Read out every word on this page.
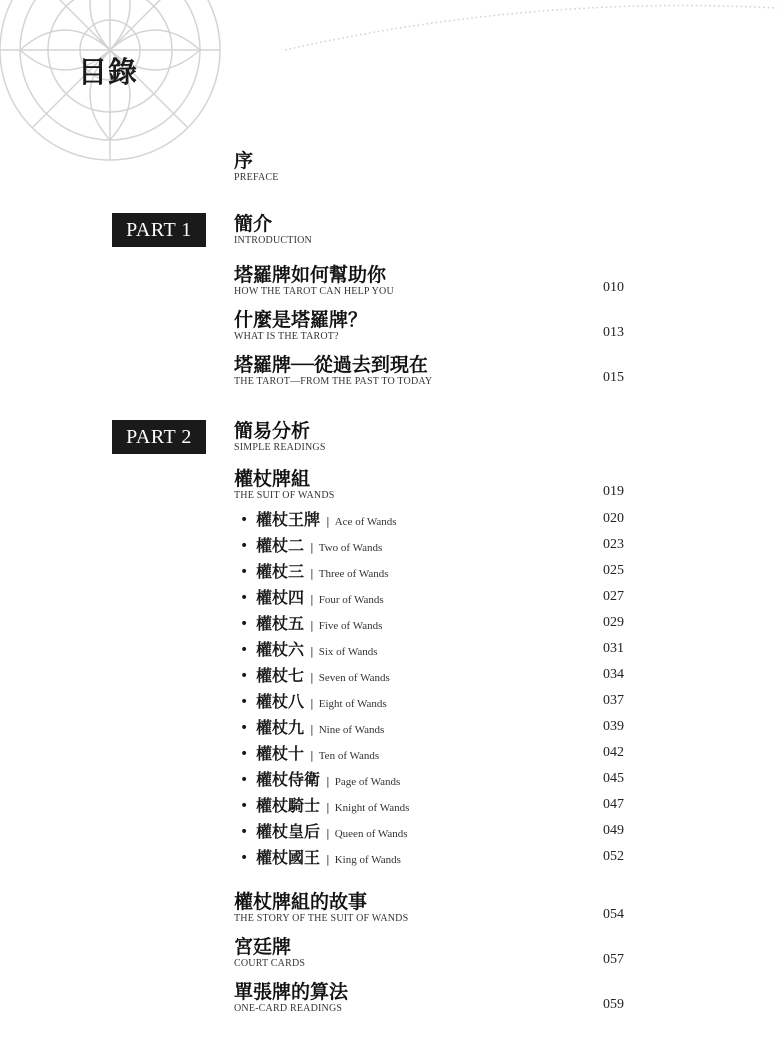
目錄
序
PREFACE
PART 1	簡介
INTRODUCTION
塔羅牌如何幫助你
HOW THE TAROT CAN HELP YOU	010
什麼是塔羅牌？
WHAT IS THE TAROT?	013
塔羅牌──從過去到現在
THE TAROT—FROM THE PAST TO TODAY	015
PART 2	簡易分析
SIMPLE READINGS
權杖牌組
THE SUIT OF WANDS	019
• 權杖王牌 | Ace of Wands	020
• 權杖二 | Two of Wands	023
• 權杖三 | Three of Wands	025
• 權杖四 | Four of Wands	027
• 權杖五 | Five of Wands	029
• 權杖六 | Six of Wands	031
• 權杖七 | Seven of Wands	034
• 權杖八 | Eight of Wands	037
• 權杖九 | Nine of Wands	039
• 權杖十 | Ten of Wands	042
• 權杖侍衛 | Page of Wands	045
• 權杖騎士 | Knight of Wands	047
• 權杖皇后 | Queen of Wands	049
• 權杖國王 | King of Wands	052
權杖牌組的故事
THE STORY OF THE SUIT OF WANDS	054
宮廷牌
COURT CARDS	057
單張牌的算法
ONE-CARD READINGS	059
